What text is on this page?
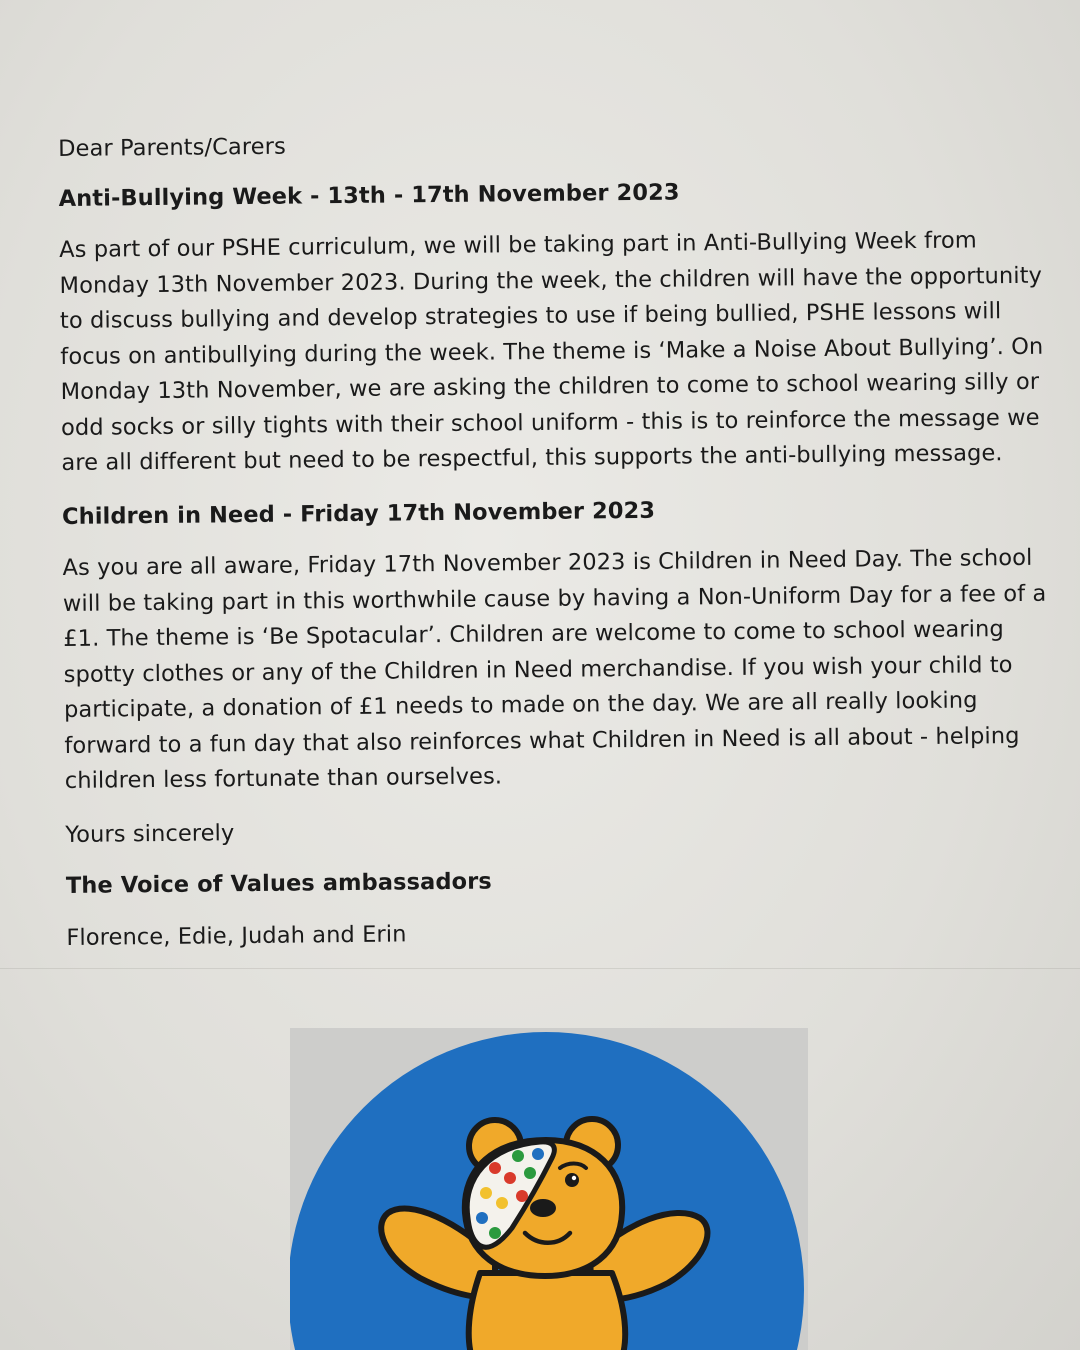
Dear Parents/Carers

Anti-Bullying Week - 13th - 17th November 2023

As part of our PSHE curriculum, we will be taking part in Anti-Bullying Week from Monday 13th November 2023. During the week, the children will have the opportunity to discuss bullying and develop strategies to use if being bullied, PSHE lessons will focus on antibullying during the week. The theme is ‘Make a Noise About Bullying’. On Monday 13th November, we are asking the children to come to school wearing silly or odd socks or silly tights with their school uniform - this is to reinforce the message we are all different but need to be respectful, this supports the anti-bullying message.

Children in Need - Friday 17th November 2023

As you are all aware, Friday 17th November 2023 is Children in Need Day. The school will be taking part in this worthwhile cause by having a Non-Uniform Day for a fee of a £1. The theme is ‘Be Spotacular’. Children are welcome to come to school wearing spotty clothes or any of the Children in Need merchandise. If you wish your child to participate, a donation of £1 needs to made on the day. We are all really looking forward to a fun day that also reinforces what Children in Need is all about - helping children less fortunate than ourselves.

Yours sincerely

The Voice of Values ambassadors

Florence, Edie, Judah and Erin
